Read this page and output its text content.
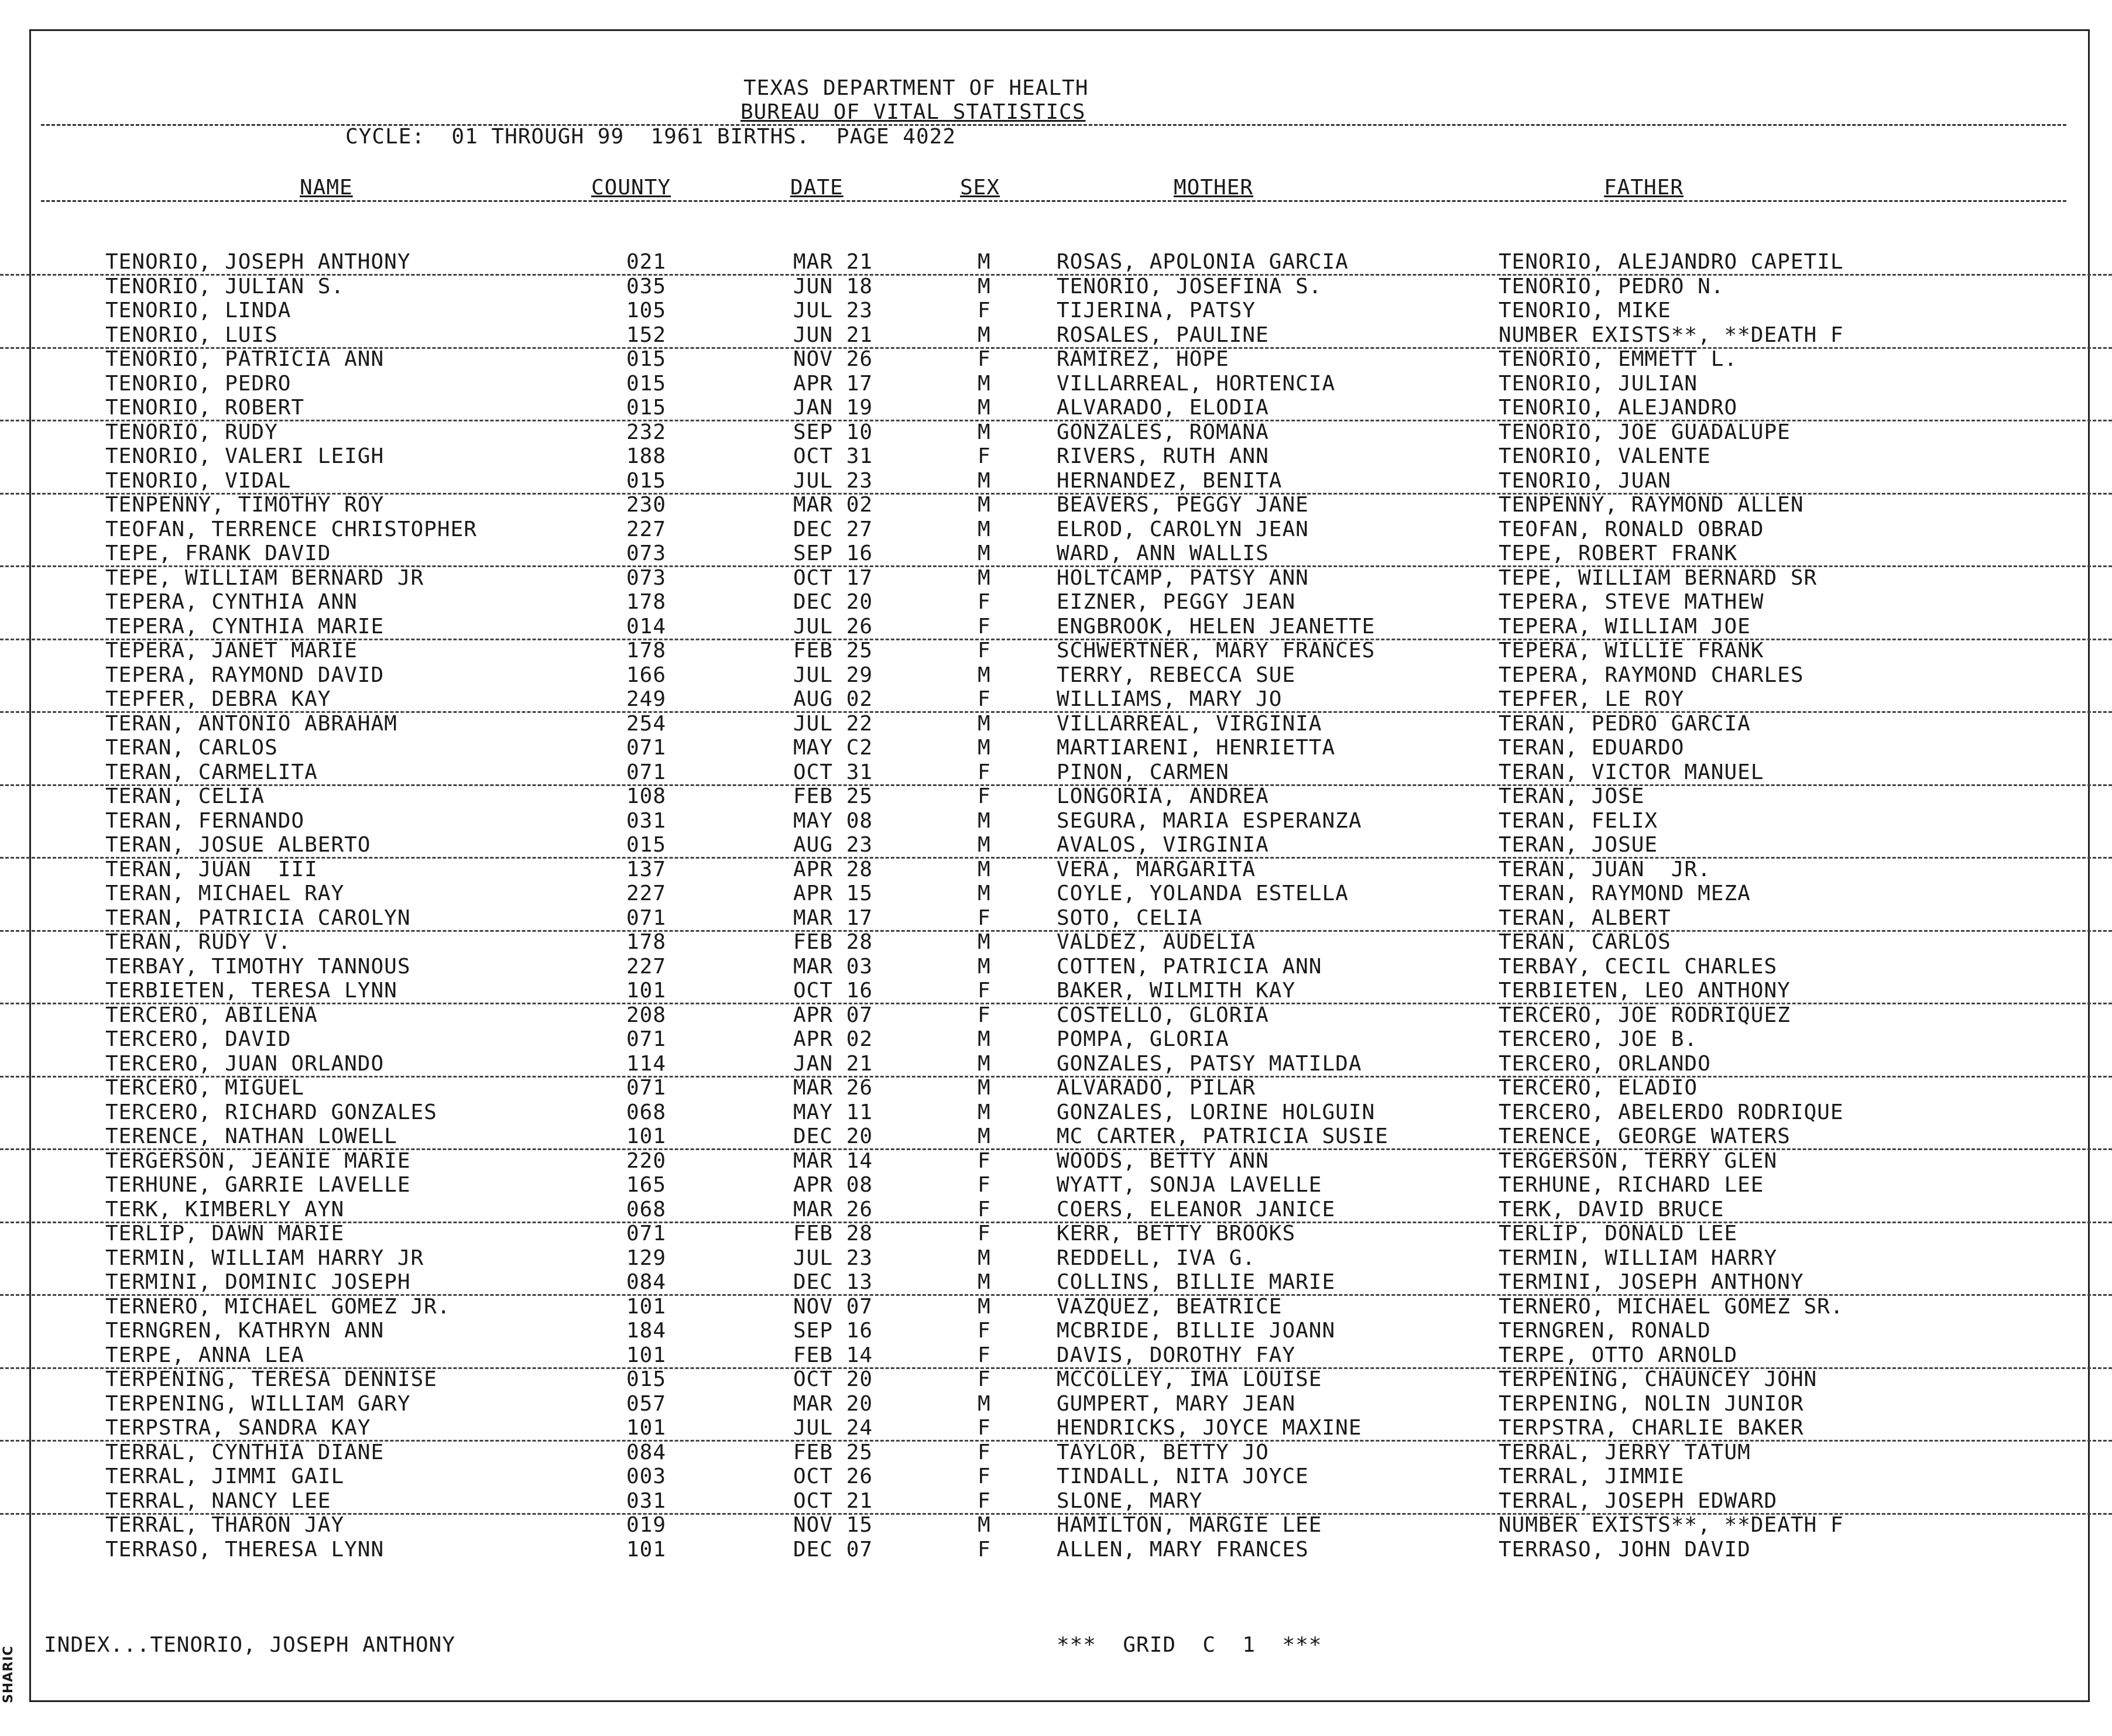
SHARIC
TEXAS DEPARTMENT OF HEALTH
BUREAU OF VITAL STATISTICS
CYCLE:  01 THROUGH 99  1961 BIRTHS.  PAGE 4022
NAME	COUNTY	DATE	SEX	MOTHER	FATHER
TENORIO, JOSEPH ANTHONY	021	MAR 21	M	ROSAS, APOLONIA GARCIA	TENORIO, ALEJANDRO CAPETIL
TENORIO, JULIAN S.	035	JUN 18	M	TENORIO, JOSEFINA S.	TENORIO, PEDRO N.
TENORIO, LINDA	105	JUL 23	F	TIJERINA, PATSY	TENORIO, MIKE
TENORIO, LUIS	152	JUN 21	M	ROSALES, PAULINE	NUMBER EXISTS**, **DEATH F
TENORIO, PATRICIA ANN	015	NOV 26	F	RAMIREZ, HOPE	TENORIO, EMMETT L.
TENORIO, PEDRO	015	APR 17	M	VILLARREAL, HORTENCIA	TENORIO, JULIAN
TENORIO, ROBERT	015	JAN 19	M	ALVARADO, ELODIA	TENORIO, ALEJANDRO
TENORIO, RUDY	232	SEP 10	M	GONZALES, ROMANA	TENORIO, JOE GUADALUPE
TENORIO, VALERI LEIGH	188	OCT 31	F	RIVERS, RUTH ANN	TENORIO, VALENTE
TENORIO, VIDAL	015	JUL 23	M	HERNANDEZ, BENITA	TENORIO, JUAN
TENPENNY, TIMOTHY ROY	230	MAR 02	M	BEAVERS, PEGGY JANE	TENPENNY, RAYMOND ALLEN
TEOFAN, TERRENCE CHRISTOPHER	227	DEC 27	M	ELROD, CAROLYN JEAN	TEOFAN, RONALD OBRAD
TEPE, FRANK DAVID	073	SEP 16	M	WARD, ANN WALLIS	TEPE, ROBERT FRANK
TEPE, WILLIAM BERNARD JR	073	OCT 17	M	HOLTCAMP, PATSY ANN	TEPE, WILLIAM BERNARD SR
TEPERA, CYNTHIA ANN	178	DEC 20	F	EIZNER, PEGGY JEAN	TEPERA, STEVE MATHEW
TEPERA, CYNTHIA MARIE	014	JUL 26	F	ENGBROOK, HELEN JEANETTE	TEPERA, WILLIAM JOE
TEPERA, JANET MARIE	178	FEB 25	F	SCHWERTNER, MARY FRANCES	TEPERA, WILLIE FRANK
TEPERA, RAYMOND DAVID	166	JUL 29	M	TERRY, REBECCA SUE	TEPERA, RAYMOND CHARLES
TEPFER, DEBRA KAY	249	AUG 02	F	WILLIAMS, MARY JO	TEPFER, LE ROY
TERAN, ANTONIO ABRAHAM	254	JUL 22	M	VILLARREAL, VIRGINIA	TERAN, PEDRO GARCIA
TERAN, CARLOS	071	MAY C2	M	MARTIARENI, HENRIETTA	TERAN, EDUARDO
TERAN, CARMELITA	071	OCT 31	F	PINON, CARMEN	TERAN, VICTOR MANUEL
TERAN, CELIA	108	FEB 25	F	LONGORIA, ANDREA	TERAN, JOSE
TERAN, FERNANDO	031	MAY 08	M	SEGURA, MARIA ESPERANZA	TERAN, FELIX
TERAN, JOSUE ALBERTO	015	AUG 23	M	AVALOS, VIRGINIA	TERAN, JOSUE
TERAN, JUAN  III	137	APR 28	M	VERA, MARGARITA	TERAN, JUAN  JR.
TERAN, MICHAEL RAY	227	APR 15	M	COYLE, YOLANDA ESTELLA	TERAN, RAYMOND MEZA
TERAN, PATRICIA CAROLYN	071	MAR 17	F	SOTO, CELIA	TERAN, ALBERT
TERAN, RUDY V.	178	FEB 28	M	VALDEZ, AUDELIA	TERAN, CARLOS
TERBAY, TIMOTHY TANNOUS	227	MAR 03	M	COTTEN, PATRICIA ANN	TERBAY, CECIL CHARLES
TERBIETEN, TERESA LYNN	101	OCT 16	F	BAKER, WILMITH KAY	TERBIETEN, LEO ANTHONY
TERCERO, ABILENA	208	APR 07	F	COSTELLO, GLORIA	TERCERO, JOE RODRIQUEZ
TERCERO, DAVID	071	APR 02	M	POMPA, GLORIA	TERCERO, JOE B.
TERCERO, JUAN ORLANDO	114	JAN 21	M	GONZALES, PATSY MATILDA	TERCERO, ORLANDO
TERCERO, MIGUEL	071	MAR 26	M	ALVARADO, PILAR	TERCERO, ELADIO
TERCERO, RICHARD GONZALES	068	MAY 11	M	GONZALES, LORINE HOLGUIN	TERCERO, ABELERDO RODRIQUE
TERENCE, NATHAN LOWELL	101	DEC 20	M	MC CARTER, PATRICIA SUSIE	TERENCE, GEORGE WATERS
TERGERSON, JEANIE MARIE	220	MAR 14	F	WOODS, BETTY ANN	TERGERSON, TERRY GLEN
TERHUNE, GARRIE LAVELLE	165	APR 08	F	WYATT, SONJA LAVELLE	TERHUNE, RICHARD LEE
TERK, KIMBERLY AYN	068	MAR 26	F	COERS, ELEANOR JANICE	TERK, DAVID BRUCE
TERLIP, DAWN MARIE	071	FEB 28	F	KERR, BETTY BROOKS	TERLIP, DONALD LEE
TERMIN, WILLIAM HARRY JR	129	JUL 23	M	REDDELL, IVA G.	TERMIN, WILLIAM HARRY
TERMINI, DOMINIC JOSEPH	084	DEC 13	M	COLLINS, BILLIE MARIE	TERMINI, JOSEPH ANTHONY
TERNERO, MICHAEL GOMEZ JR.	101	NOV 07	M	VAZQUEZ, BEATRICE	TERNERO, MICHAEL GOMEZ SR.
TERNGREN, KATHRYN ANN	184	SEP 16	F	MCBRIDE, BILLIE JOANN	TERNGREN, RONALD
TERPE, ANNA LEA	101	FEB 14	F	DAVIS, DOROTHY FAY	TERPE, OTTO ARNOLD
TERPENING, TERESA DENNISE	015	OCT 20	F	MCCOLLEY, IMA LOUISE	TERPENING, CHAUNCEY JOHN
TERPENING, WILLIAM GARY	057	MAR 20	M	GUMPERT, MARY JEAN	TERPENING, NOLIN JUNIOR
TERPSTRA, SANDRA KAY	101	JUL 24	F	HENDRICKS, JOYCE MAXINE	TERPSTRA, CHARLIE BAKER
TERRAL, CYNTHIA DIANE	084	FEB 25	F	TAYLOR, BETTY JO	TERRAL, JERRY TATUM
TERRAL, JIMMI GAIL	003	OCT 26	F	TINDALL, NITA JOYCE	TERRAL, JIMMIE
TERRAL, NANCY LEE	031	OCT 21	F	SLONE, MARY	TERRAL, JOSEPH EDWARD
TERRAL, THARON JAY	019	NOV 15	M	HAMILTON, MARGIE LEE	NUMBER EXISTS**, **DEATH F
TERRASO, THERESA LYNN	101	DEC 07	F	ALLEN, MARY FRANCES	TERRASO, JOHN DAVID
INDEX...TENORIO, JOSEPH ANTHONY	***  GRID  C  1  ***
